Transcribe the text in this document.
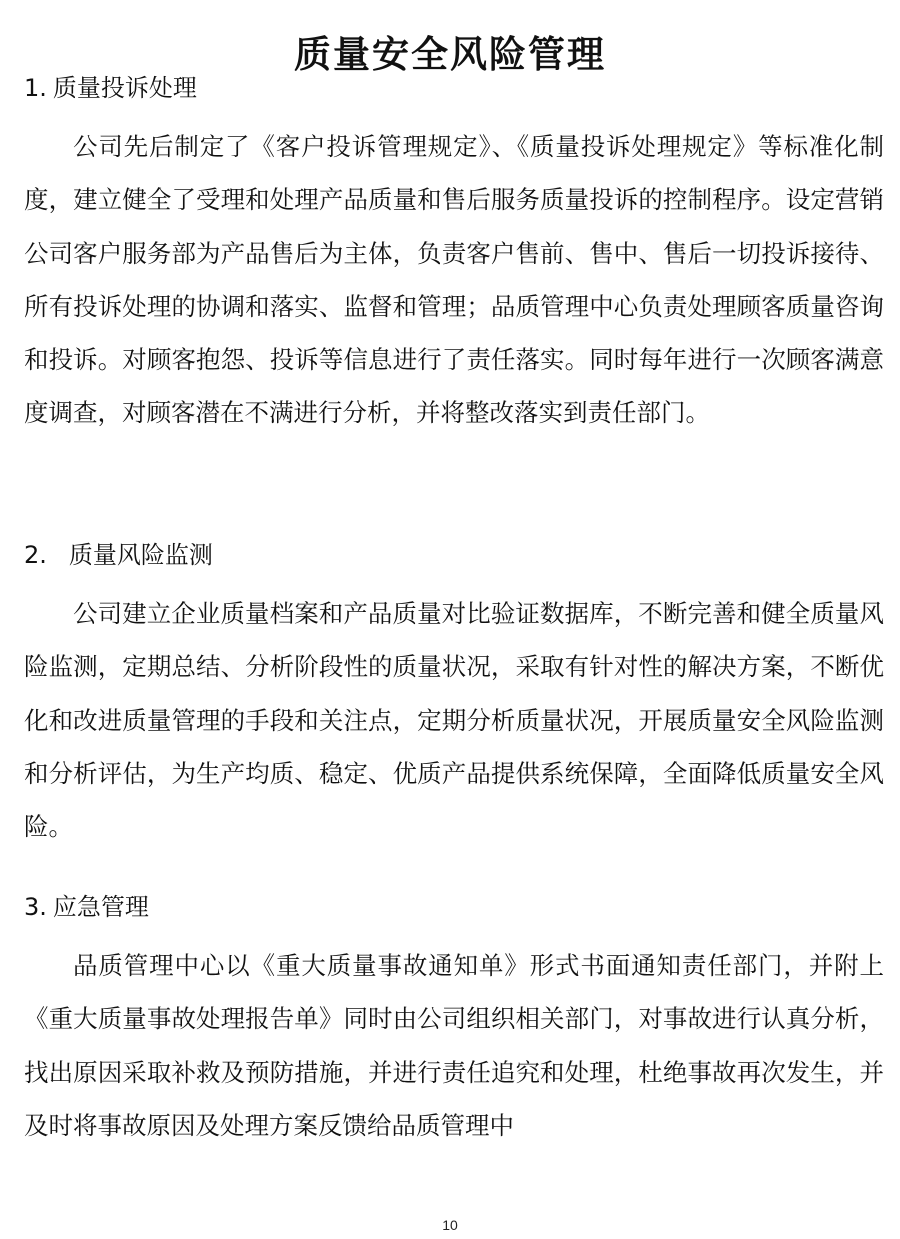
质量安全风险管理

1. 质量投诉处理

公司先后制定了《客户投诉管理规定》、《质量投诉处理规定》等标准化制度，建立健全了受理和处理产品质量和售后服务质量投诉的控制程序。设定营销公司客户服务部为产品售后为主体，负责客户售前、售中、售后一切投诉接待、所有投诉处理的协调和落实、监督和管理；品质管理中心负责处理顾客质量咨询和投诉。对顾客抱怨、投诉等信息进行了责任落实。同时每年进行一次顾客满意度调查，对顾客潜在不满进行分析，并将整改落实到责任部门。

2. 质量风险监测

公司建立企业质量档案和产品质量对比验证数据库，不断完善和健全质量风险监测，定期总结、分析阶段性的质量状况，采取有针对性的解决方案，不断优化和改进质量管理的手段和关注点，定期分析质量状况，开展质量安全风险监测和分析评估，为生产均质、稳定、优质产品提供系统保障，全面降低质量安全风险。

3. 应急管理

品质管理中心以《重大质量事故通知单》形式书面通知责任部门，并附上《重大质量事故处理报告单》同时由公司组织相关部门，对事故进行认真分析，找出原因采取补救及预防措施，并进行责任追究和处理，杜绝事故再次发生，并及时将事故原因及处理方案反馈给品质管理中

10
